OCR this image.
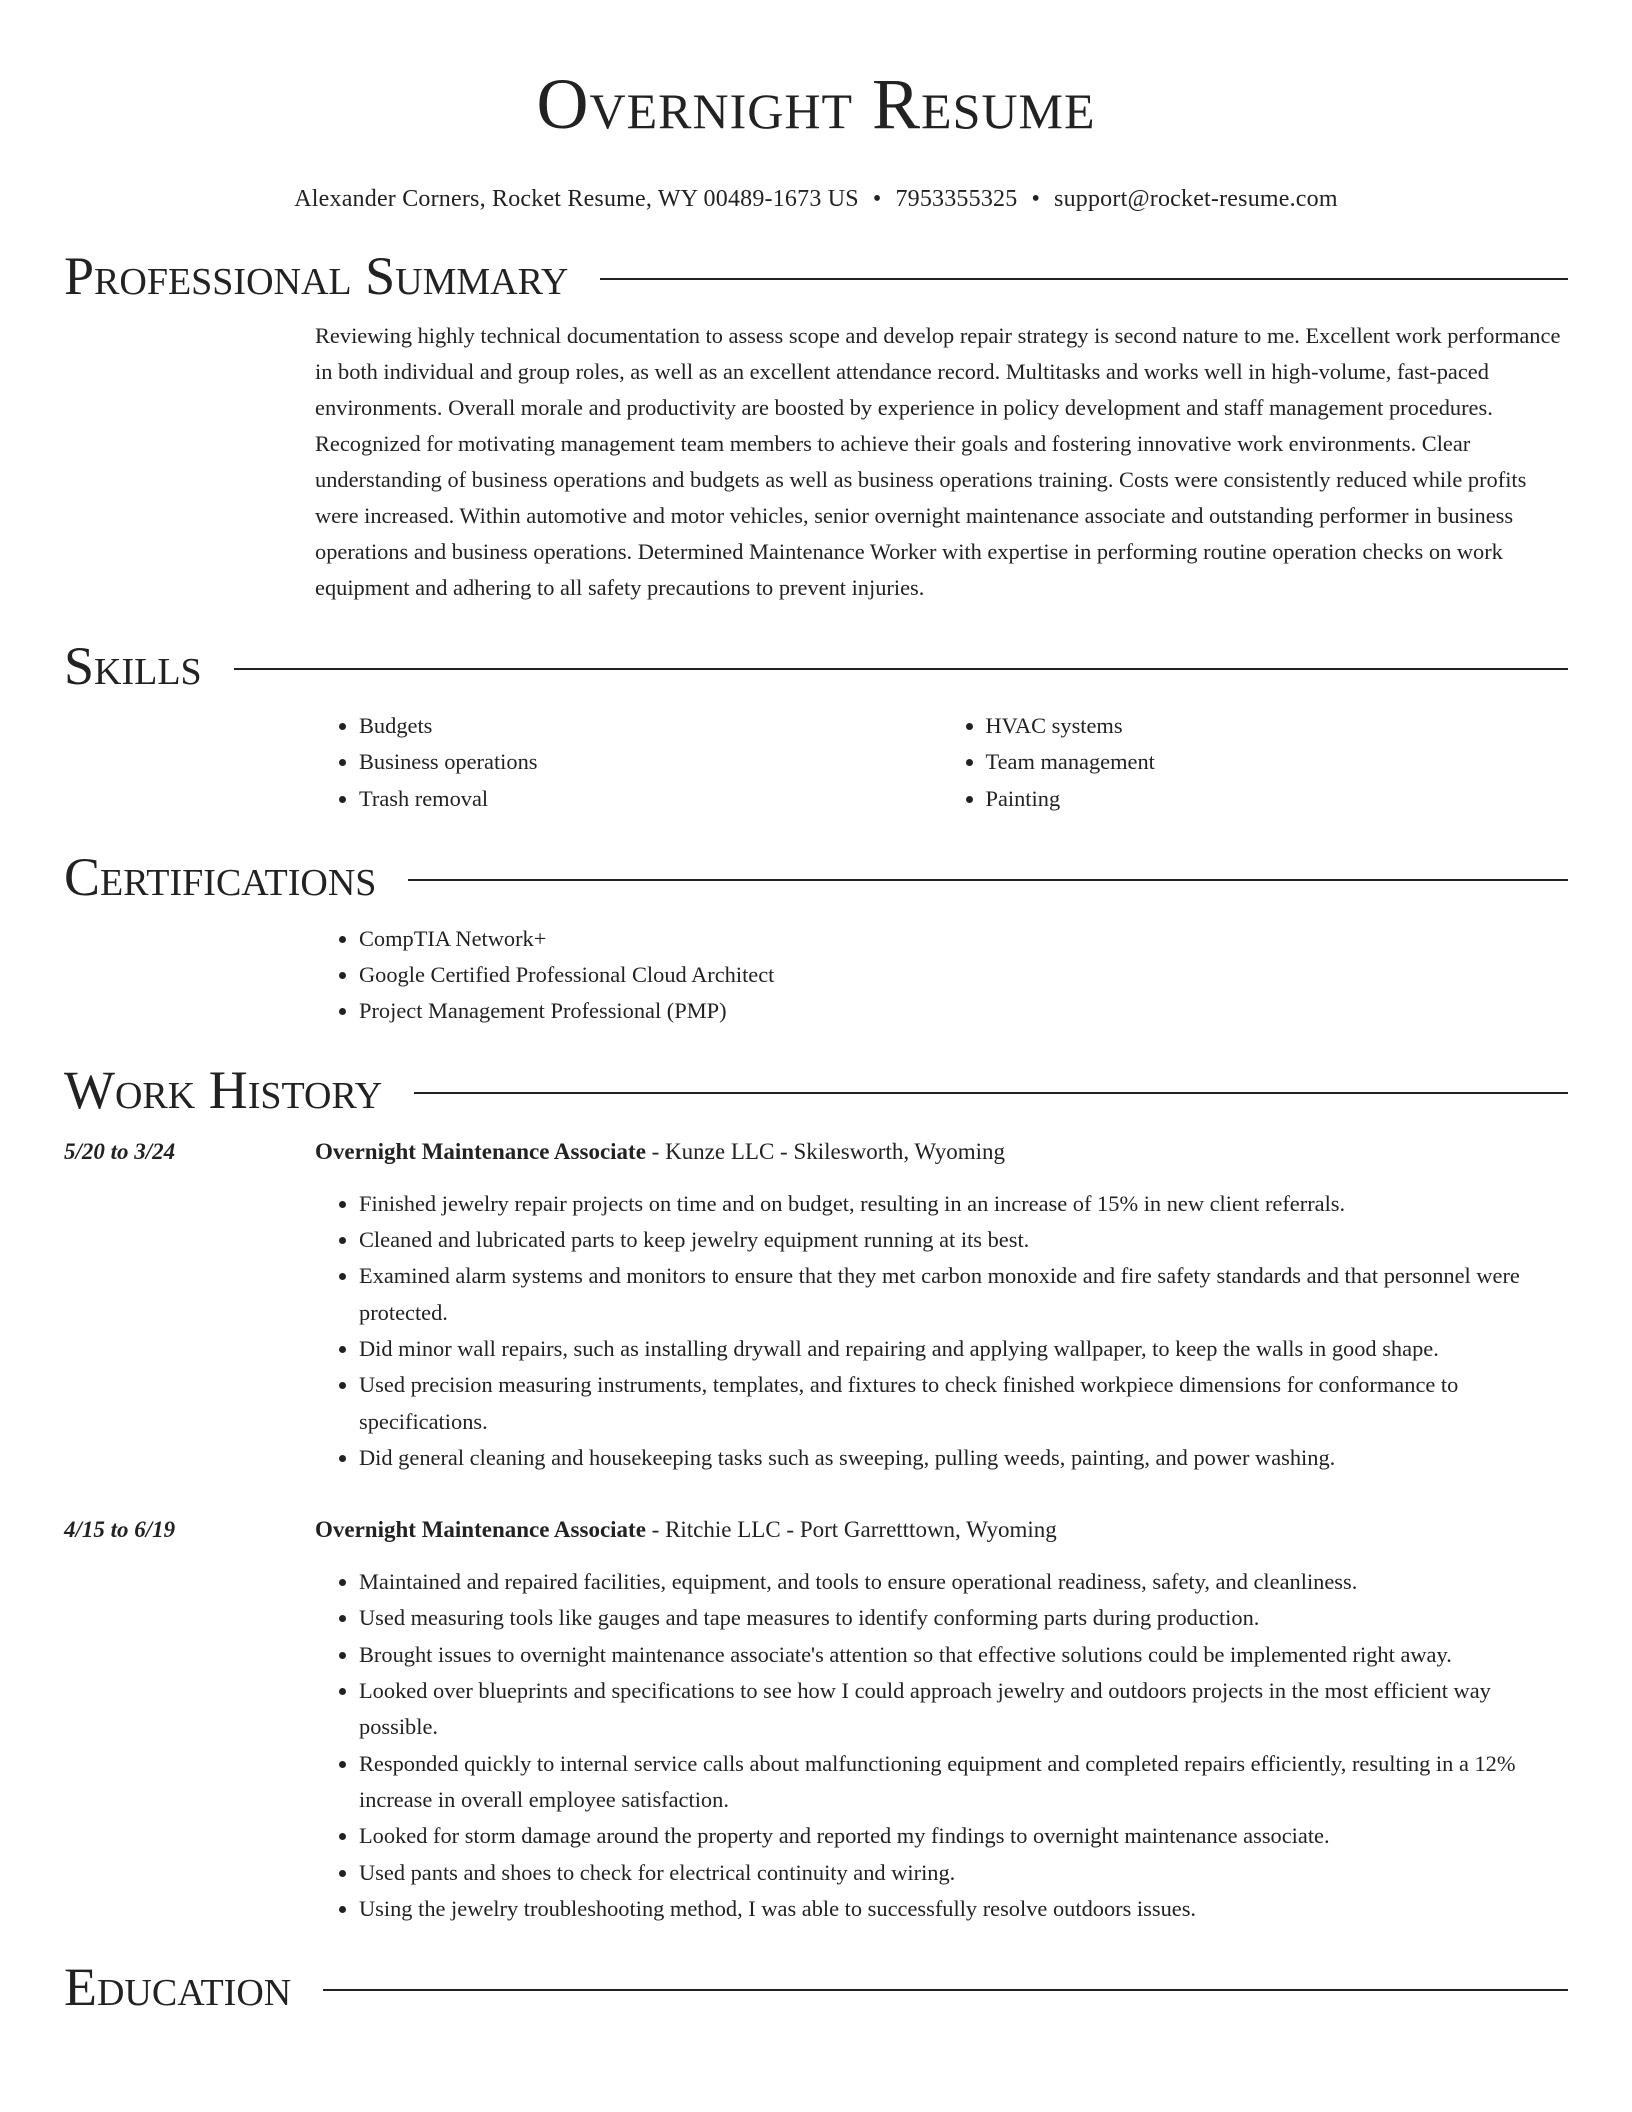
Overnight Resume
Alexander Corners, Rocket Resume, WY 00489-1673 US • 7953355325 • support@rocket-resume.com
Professional Summary
Reviewing highly technical documentation to assess scope and develop repair strategy is second nature to me. Excellent work performance in both individual and group roles, as well as an excellent attendance record. Multitasks and works well in high-volume, fast-paced environments. Overall morale and productivity are boosted by experience in policy development and staff management procedures. Recognized for motivating management team members to achieve their goals and fostering innovative work environments. Clear understanding of business operations and budgets as well as business operations training. Costs were consistently reduced while profits were increased. Within automotive and motor vehicles, senior overnight maintenance associate and outstanding performer in business operations and business operations. Determined Maintenance Worker with expertise in performing routine operation checks on work equipment and adhering to all safety precautions to prevent injuries.
Skills
• Budgets
• Business operations
• Trash removal
• HVAC systems
• Team management
• Painting
Certifications
• CompTIA Network+
• Google Certified Professional Cloud Architect
• Project Management Professional (PMP)
Work History
5/20 to 3/24	Overnight Maintenance Associate - Kunze LLC - Skilesworth, Wyoming
• Finished jewelry repair projects on time and on budget, resulting in an increase of 15% in new client referrals.
• Cleaned and lubricated parts to keep jewelry equipment running at its best.
• Examined alarm systems and monitors to ensure that they met carbon monoxide and fire safety standards and that personnel were protected.
• Did minor wall repairs, such as installing drywall and repairing and applying wallpaper, to keep the walls in good shape.
• Used precision measuring instruments, templates, and fixtures to check finished workpiece dimensions for conformance to specifications.
• Did general cleaning and housekeeping tasks such as sweeping, pulling weeds, painting, and power washing.
4/15 to 6/19	Overnight Maintenance Associate - Ritchie LLC - Port Garretttown, Wyoming
• Maintained and repaired facilities, equipment, and tools to ensure operational readiness, safety, and cleanliness.
• Used measuring tools like gauges and tape measures to identify conforming parts during production.
• Brought issues to overnight maintenance associate's attention so that effective solutions could be implemented right away.
• Looked over blueprints and specifications to see how I could approach jewelry and outdoors projects in the most efficient way possible.
• Responded quickly to internal service calls about malfunctioning equipment and completed repairs efficiently, resulting in a 12% increase in overall employee satisfaction.
• Looked for storm damage around the property and reported my findings to overnight maintenance associate.
• Used pants and shoes to check for electrical continuity and wiring.
• Using the jewelry troubleshooting method, I was able to successfully resolve outdoors issues.
Education
